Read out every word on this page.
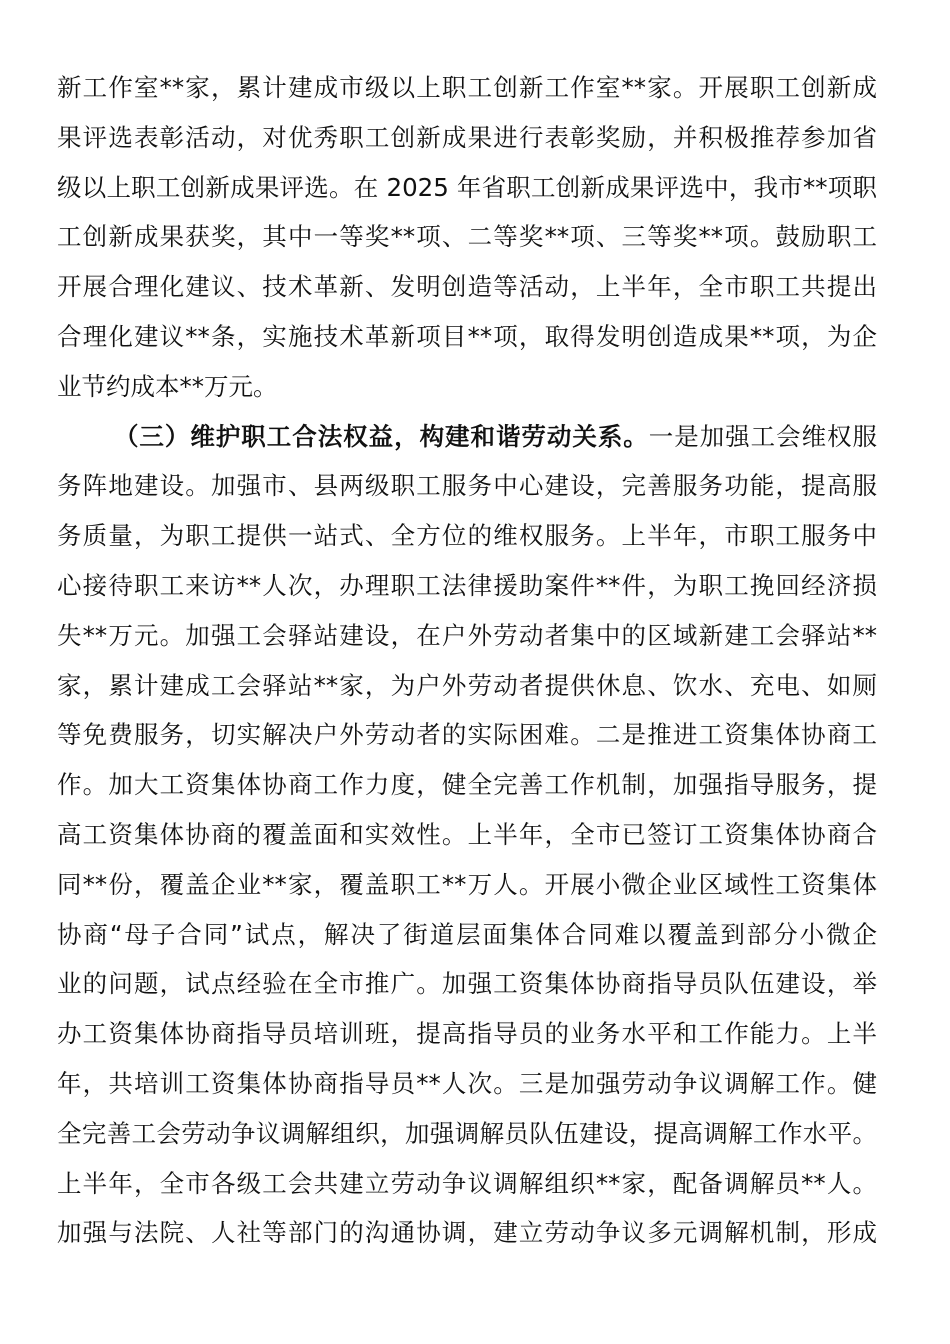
新工作室**家，累计建成市级以上职工创新工作室**家。开展职工创新成
果评选表彰活动，对优秀职工创新成果进行表彰奖励，并积极推荐参加省
级以上职工创新成果评选。在 2025 年省职工创新成果评选中，我市**项职
工创新成果获奖，其中一等奖**项、二等奖**项、三等奖**项。鼓励职工
开展合理化建议、技术革新、发明创造等活动，上半年，全市职工共提出
合理化建议**条，实施技术革新项目**项，取得发明创造成果**项，为企
业节约成本**万元。
（三）维护职工合法权益，构建和谐劳动关系。一是加强工会维权服
务阵地建设。加强市、县两级职工服务中心建设，完善服务功能，提高服
务质量，为职工提供一站式、全方位的维权服务。上半年，市职工服务中
心接待职工来访**人次，办理职工法律援助案件**件，为职工挽回经济损
失**万元。加强工会驿站建设，在户外劳动者集中的区域新建工会驿站**
家，累计建成工会驿站**家，为户外劳动者提供休息、饮水、充电、如厕
等免费服务，切实解决户外劳动者的实际困难。二是推进工资集体协商工
作。加大工资集体协商工作力度，健全完善工作机制，加强指导服务，提
高工资集体协商的覆盖面和实效性。上半年，全市已签订工资集体协商合
同**份，覆盖企业**家，覆盖职工**万人。开展小微企业区域性工资集体
协商“母子合同”试点，解决了街道层面集体合同难以覆盖到部分小微企
业的问题，试点经验在全市推广。加强工资集体协商指导员队伍建设，举
办工资集体协商指导员培训班，提高指导员的业务水平和工作能力。上半
年，共培训工资集体协商指导员**人次。三是加强劳动争议调解工作。健
全完善工会劳动争议调解组织，加强调解员队伍建设，提高调解工作水平。
上半年，全市各级工会共建立劳动争议调解组织**家，配备调解员**人。
加强与法院、人社等部门的沟通协调，建立劳动争议多元调解机制，形成
